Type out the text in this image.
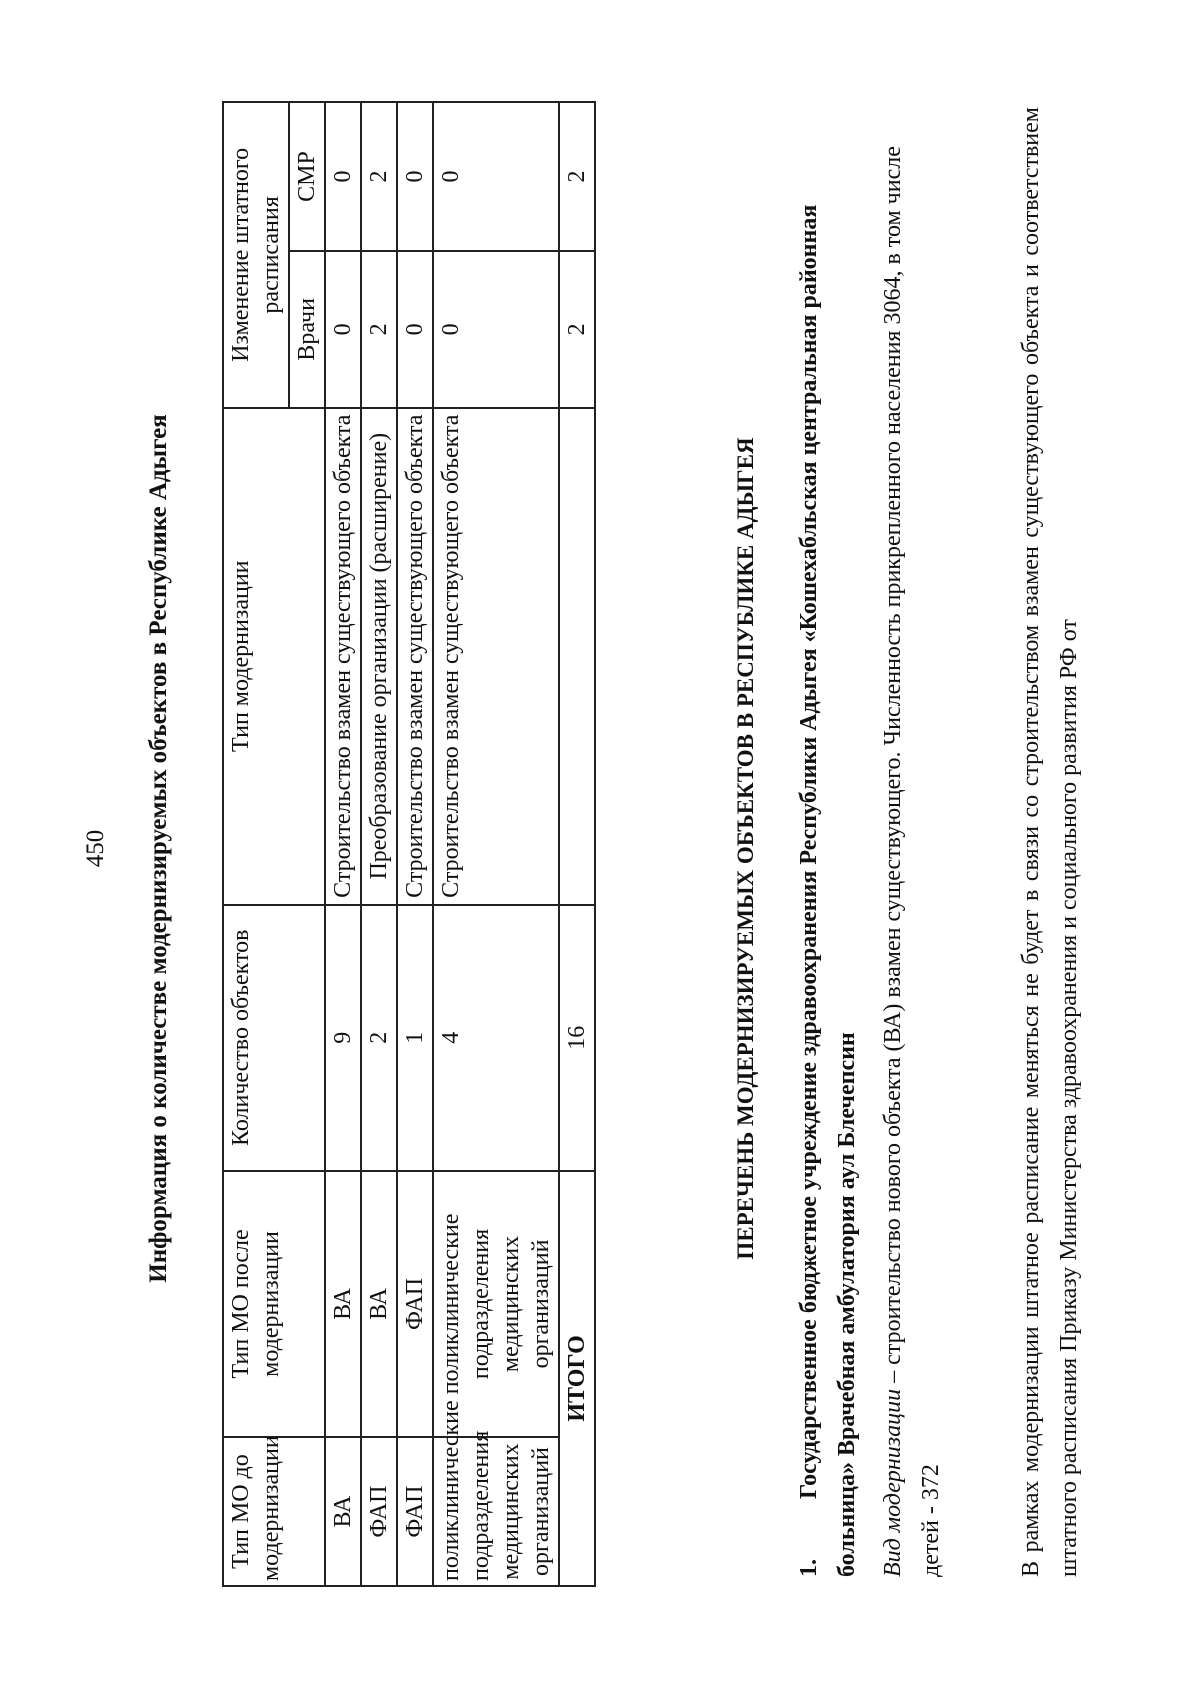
450 Информация о количестве модернизируемых объектов в Республике Адыгея
Тип МО до модернизации	Тип МО после модернизации	Количество объектов	Тип модернизации	Изменение штатного расписания	
				Врачи	СМР
ВА	ВА	9	Строительство взамен существующего объекта	0	0
ФАП	ВА	2	Преобразование организации (расширение)	2	2
ФАП	ФАП	1	Строительство взамен существующего объекта	0	0
поликлинические подразделения медицинских организаций	поликлинические подразделения медицинских организаций	4	Строительство взамен существующего объекта	0	0
ИТОГО		16		2	2
ПЕРЕЧЕНЬ МОДЕРНИЗИРУЕМЫХ ОБЪЕКТОВ В РЕСПУБЛИКЕ АДЫГЕЯ
1.Государственное бюджетное учреждение здравоохранения Республики Адыгея «Кошехабльская центральная районная больница» Врачебная амбулатория аул Блечепсин Вид модернизации – строительство нового объекта (ВА) взамен существующего. Численность прикрепленного населения 3064, в том числе детей - 372	В рамках модернизации штатное расписание меняться не будет в связи со строительством взамен существующего объекта и соответствием штатного расписания Приказу Министерства здравоохранения и социального развития РФ от
